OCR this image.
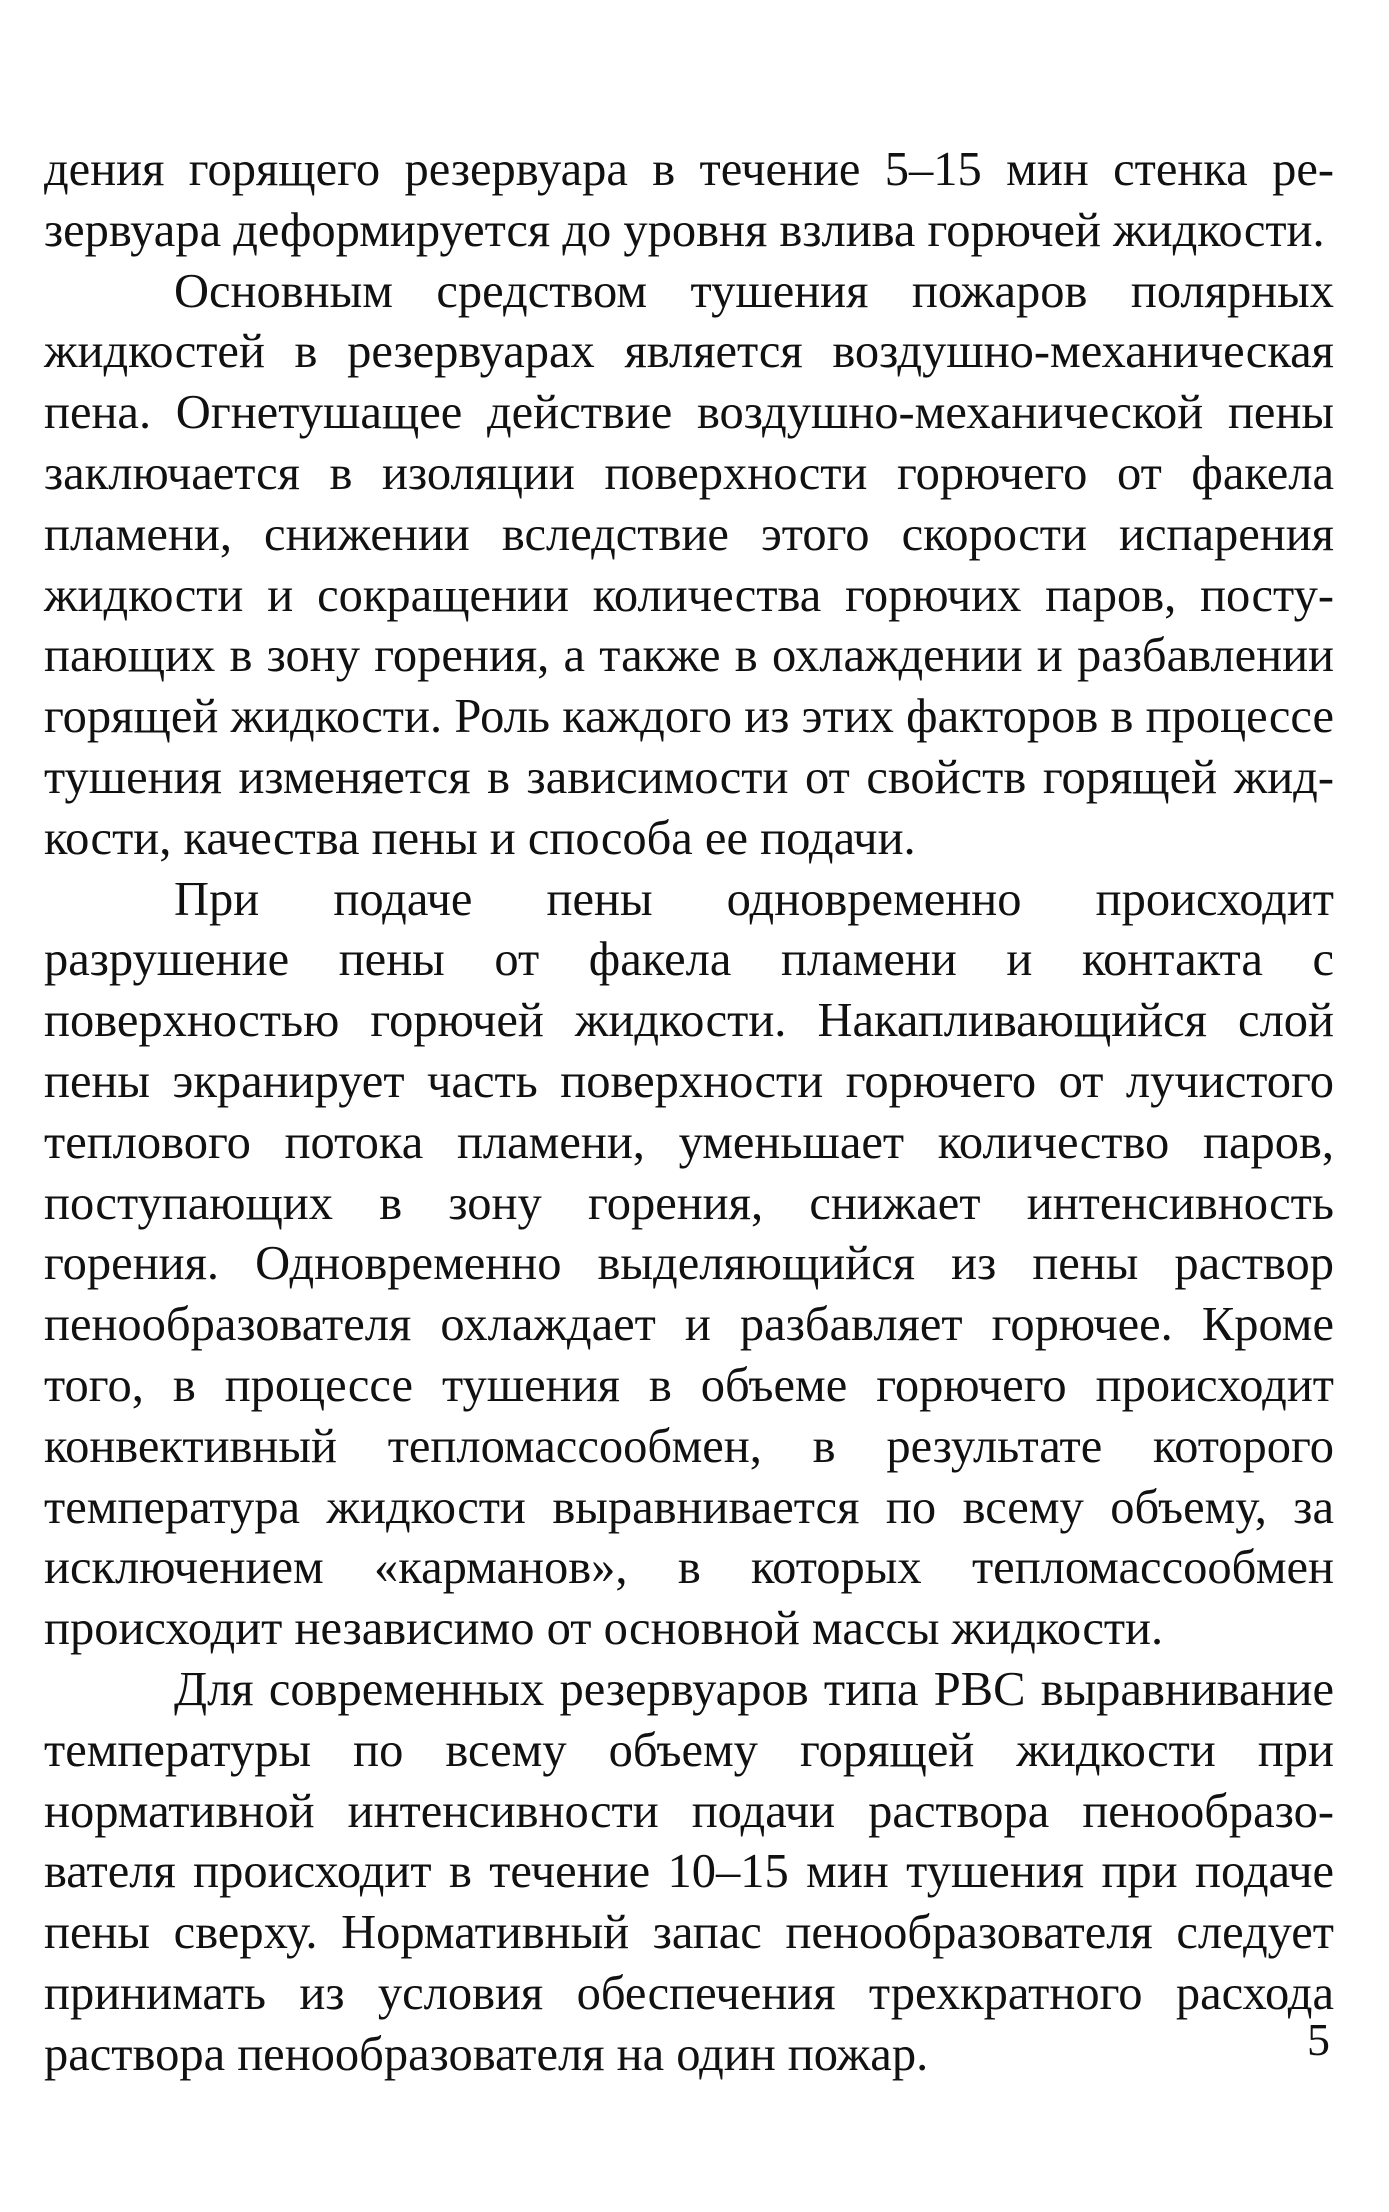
дения горящего резервуара в течение 5–15 мин стенка резервуара деформируется до уровня взлива горючей жидкости.

Основным средством тушения пожаров полярных жидкостей в резервуарах является воздушно-механическая пена. Огнетушащее действие воздушно-механической пены заключается в изоляции поверхности горючего от факела пламени, снижении вследствие этого скорости испарения жидкости и сокращении количества горючих паров, поступающих в зону горения, а также в охлаждении и разбавлении горящей жидкости. Роль каждого из этих факторов в процессе тушения изменяется в зависимости от свойств горящей жидкости, качества пены и способа ее подачи.

При подаче пены одновременно происходит разрушение пены от факела пламени и контакта с поверхностью горючей жидкости. Накапливающийся слой пены экранирует часть поверхности горючего от лучистого теплового потока пламени, уменьшает количество паров, поступающих в зону горения, снижает интенсивность горения. Одновременно выделяющийся из пены раствор пенообразователя охлаждает и разбавляет горючее. Кроме того, в процессе тушения в объеме горючего происходит конвективный тепломассообмен, в результате которого температура жидкости выравнивается по всему объему, за исключением «карманов», в которых тепломассообмен происходит независимо от основной массы жидкости.

Для современных резервуаров типа РВС выравнивание температуры по всему объему горящей жидкости при нормативной интенсивности подачи раствора пенообразователя происходит в течение 10–15 мин тушения при подаче пены сверху. Нормативный запас пенообразователя следует принимать из условия обеспечения трехкратного расхода раствора пенообразователя на один пожар.	5
